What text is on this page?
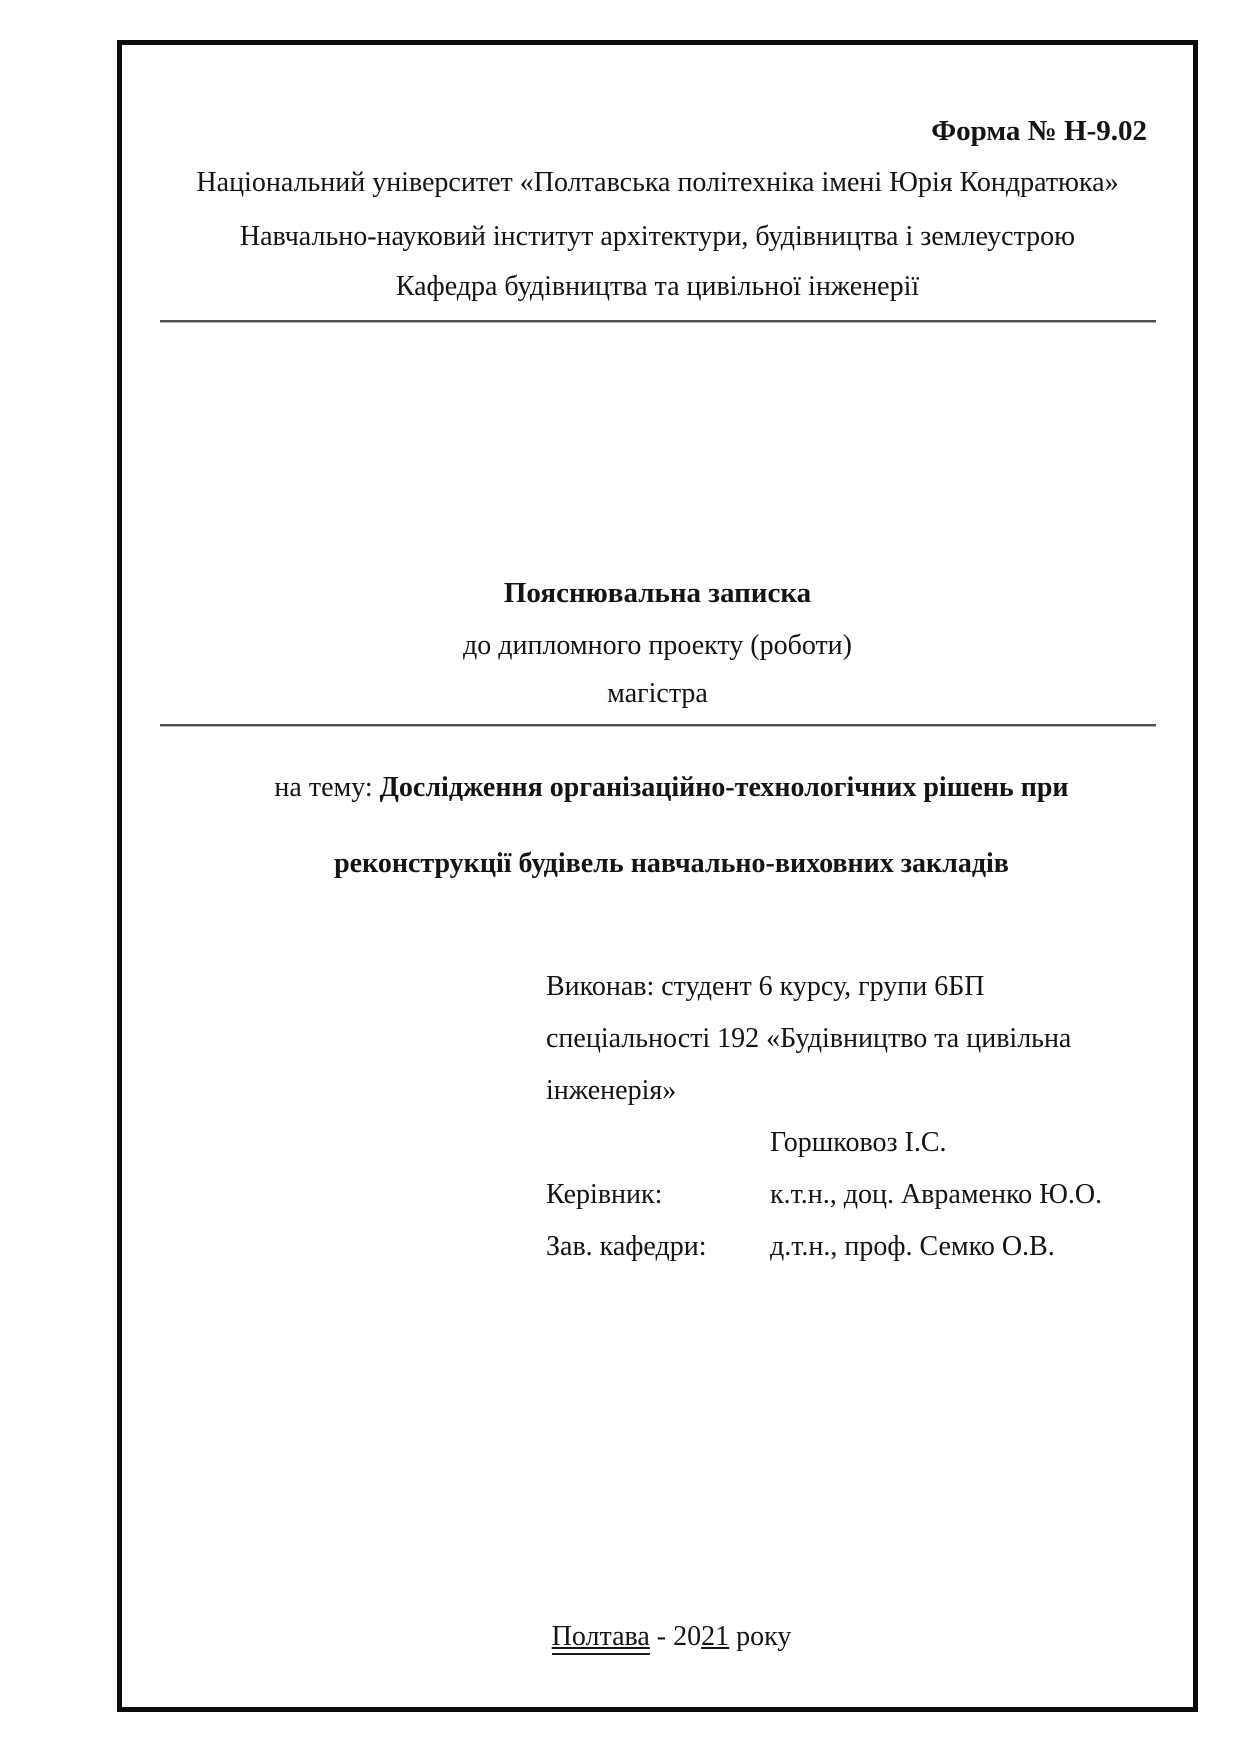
Форма № Н-9.02
Національний університет «Полтавська політехніка імені Юрія Кондратюка»
Навчально-науковий інститут архітектури, будівництва і землеустрою
Кафедра будівництва та цивільної інженерії
Пояснювальна записка
до дипломного проекту (роботи)
магістра

на тему: Дослідження організаційно-технологічних рішень при

реконструкції будівель навчально-виховних закладів

Виконав: студент 6 курсу, групи 6БП
спеціальності 192 «Будівництво та цивільна
інженерія»
Горшковоз І.С.
Керівник:	к.т.н., доц. Авраменко Ю.О.
Зав. кафедри:	д.т.н., проф. Семко О.В.

Полтава - 2021 року
